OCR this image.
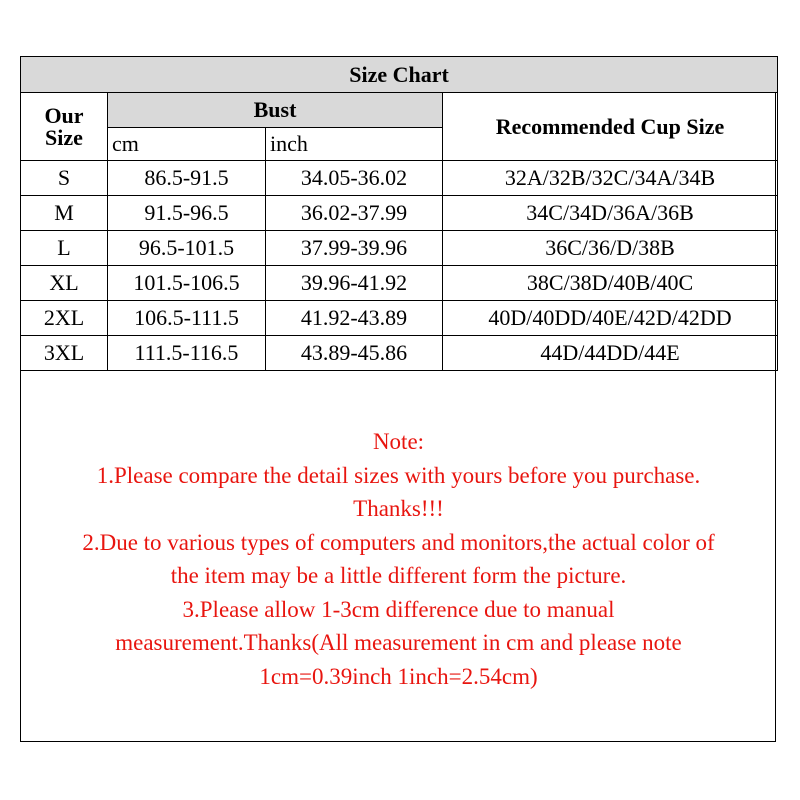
Size Chart			
Our
Size	Bust		Recommended Cup Size
	cm	inch	
S	86.5-91.5	34.05-36.02	32A/32B/32C/34A/34B
M	91.5-96.5	36.02-37.99	34C/34D/36A/36B
L	96.5-101.5	37.99-39.96	36C/36/D/38B
XL	101.5-106.5	39.96-41.92	38C/38D/40B/40C
2XL	106.5-111.5	41.92-43.89	40D/40DD/40E/42D/42DD
3XL	111.5-116.5	43.89-45.86	44D/44DD/44E
Note:
1.Please compare the detail sizes with yours before you purchase.
Thanks!!!
2.Due to various types of computers and monitors,the actual color of
the item may be a little different form the picture.
3.Please allow 1-3cm difference due to manual
measurement.Thanks(All measurement in cm and please note
1cm=0.39inch 1inch=2.54cm)
